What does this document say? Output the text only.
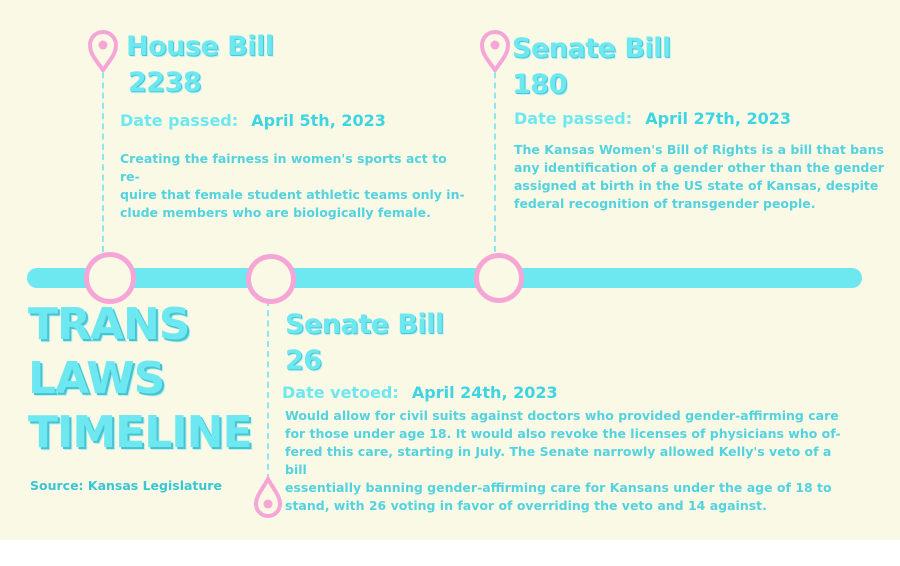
House Bill
2238
Date passed: April 5th, 2023
Creating the fairness in women's sports act to re-
quire that female student athletic teams only in-
clude members who are biologically female.
Senate Bill
180
Date passed: April 27th, 2023
The Kansas Women's Bill of Rights is a bill that bans
any identification of a gender other than the gender
assigned at birth in the US state of Kansas, despite
federal recognition of transgender people.
Senate Bill
26
Date vetoed: April 24th, 2023
Would allow for civil suits against doctors who provided gender-affirming care
for those under age 18. It would also revoke the licenses of physicians who of-
fered this care, starting in July. The Senate narrowly allowed Kelly's veto of a bill
essentially banning gender-affirming care for Kansans under the age of 18 to
stand, with 26 voting in favor of overriding the veto and 14 against.
TRANS
LAWS
TIMELINE
Source: Kansas Legislature
